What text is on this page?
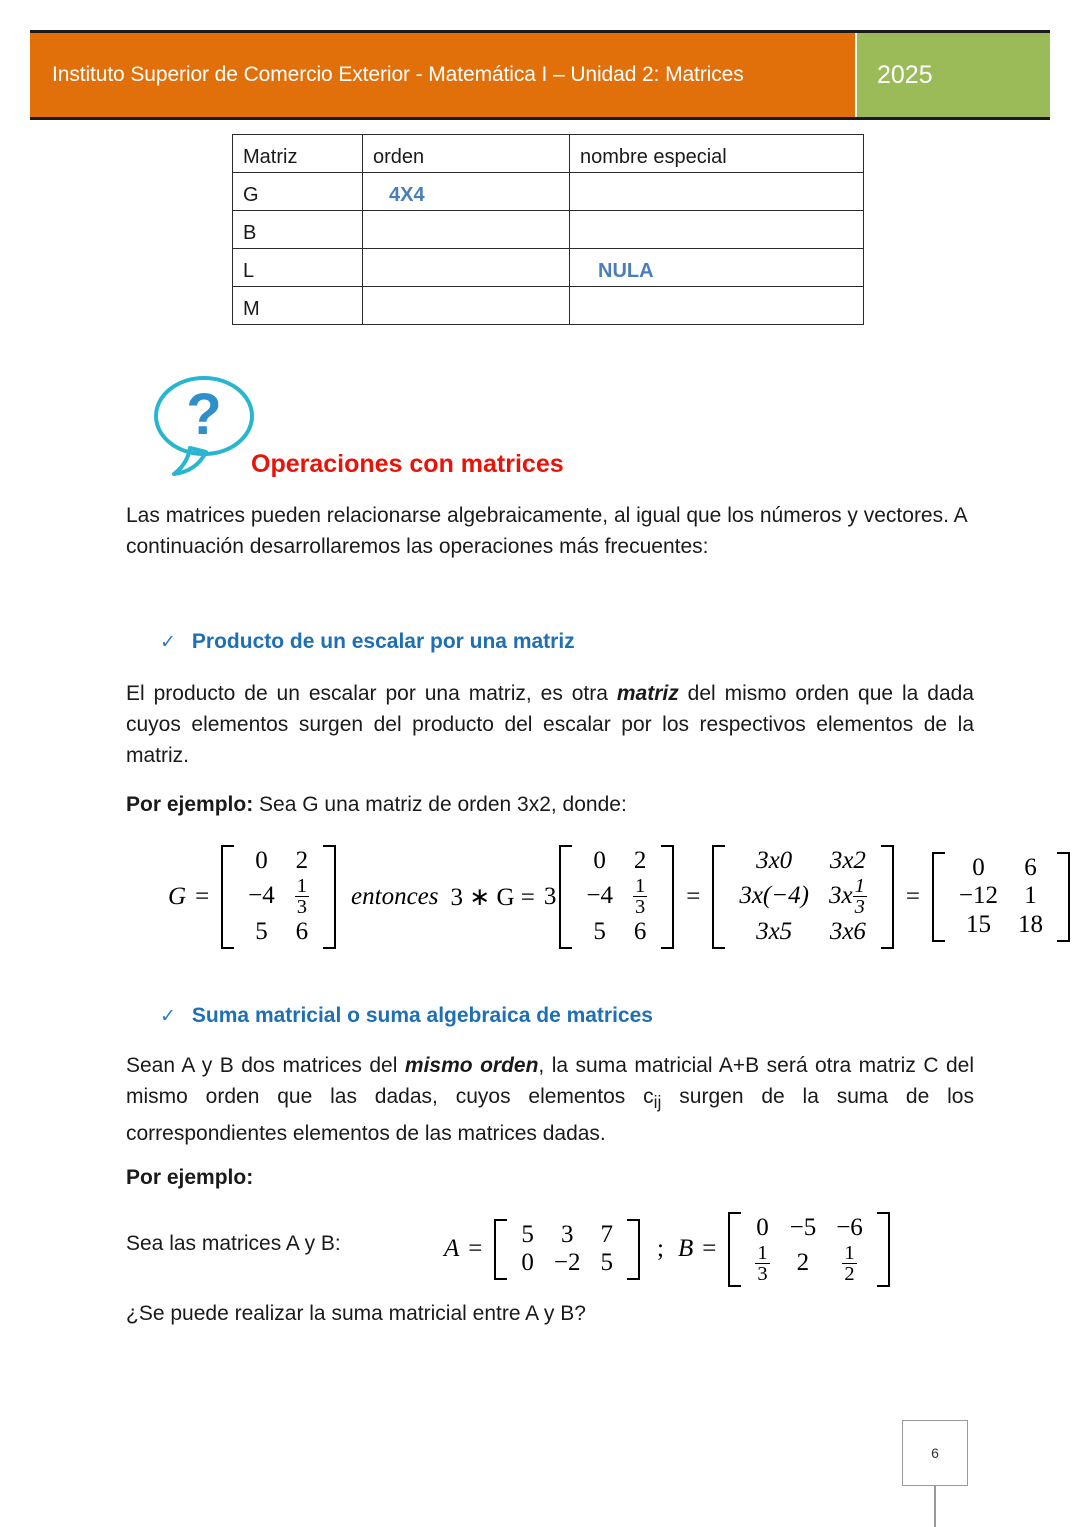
Instituto Superior de Comercio Exterior - Matemática I – Unidad 2: Matrices	2025
Matriz	orden	nombre especial
G	4X4	
B		
L		NULA
M		
?
Operaciones con matrices
Las matrices pueden relacionarse algebraicamente, al igual que los números y vectores. A continuación desarrollaremos las operaciones más frecuentes:
✓ Producto de un escalar por una matriz
El producto de un escalar por una matriz, es otra matriz del mismo orden que la dada cuyos elementos surgen del producto del escalar por los respectivos elementos de la matriz.
Por ejemplo: Sea G una matriz de orden 3x2, donde:
G =
0	2
$-4 \frac{1}{3}$
5	6
entonces 3 ∗ G = 3
0	2
$-4 \frac{1}{3}$
5	6
=
3x0	3x2
3x(−4) $3x \frac{1}{3}$
3x5	3x6
=
0	6
−12	1
15	18
✓ Suma matricial o suma algebraica de matrices
Sean A y B dos matrices del mismo orden, la suma matricial A+B será otra matriz C del mismo orden que las dadas, cuyos elementos $c_{ij}$ surgen de la suma de los correspondientes elementos de las matrices dadas.
Por ejemplo:
Sea las matrices A y B:	A =
5	3	7
0 −2 5
; B =
0 −5 −6
$\frac{1}{3}$	2	$\frac{1}{2}$
¿Se puede realizar la suma matricial entre A y B?
6
